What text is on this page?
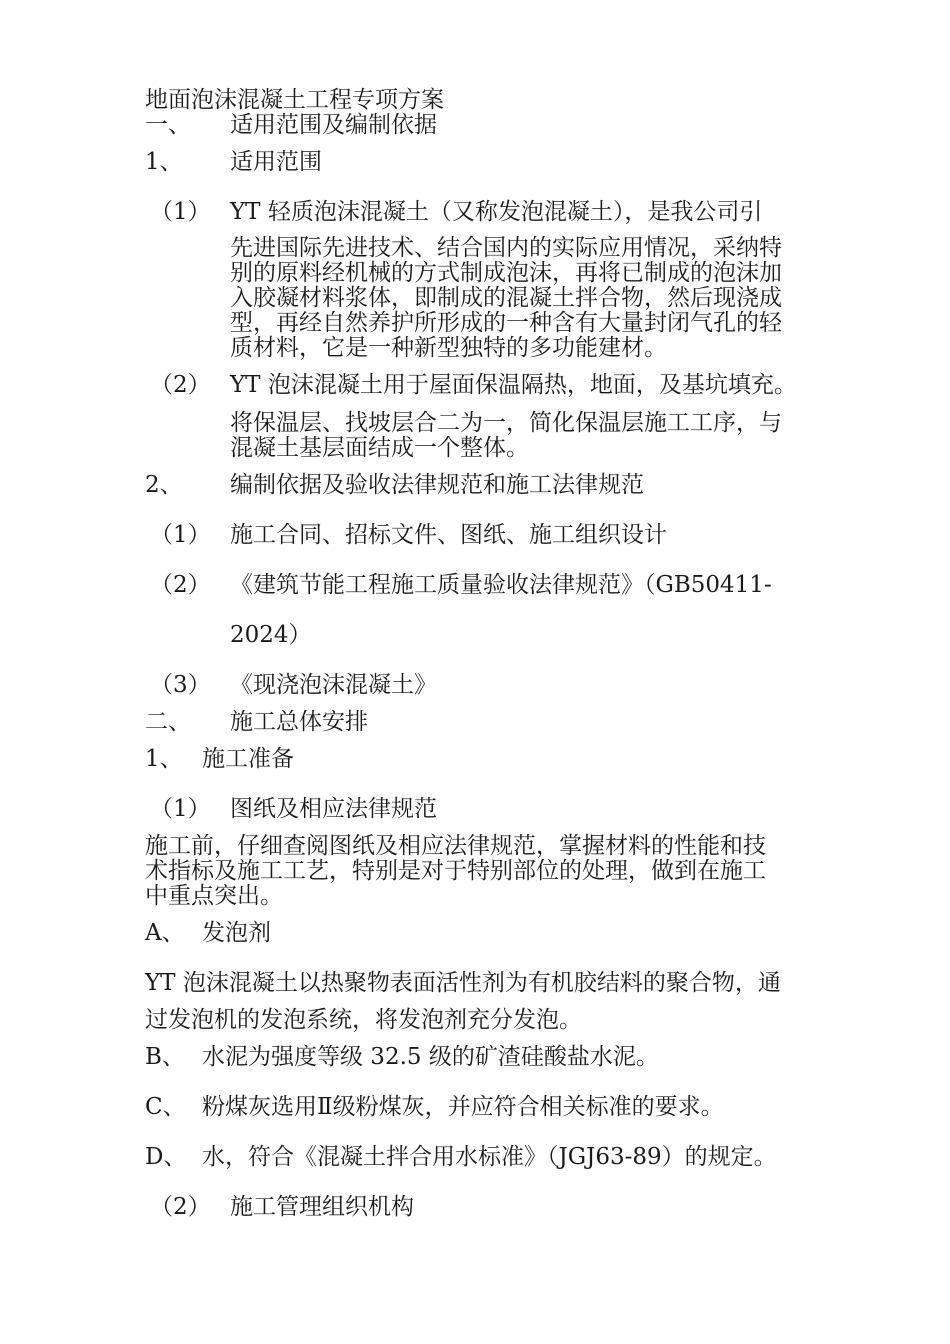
地面泡沫混凝土工程专项方案
一、 适用范围及编制依据
1、 适用范围
（1） YT 轻质泡沫混凝土（又称发泡混凝土），是我公司引
先进国际先进技术、结合国内的实际应用情况，采纳特
别的原料经机械的方式制成泡沫，再将已制成的泡沫加
入胶凝材料浆体，即制成的混凝土拌合物，然后现浇成
型，再经自然养护所形成的一种含有大量封闭气孔的轻
质材料，它是一种新型独特的多功能建材。
（2） YT 泡沫混凝土用于屋面保温隔热，地面，及基坑填充。
将保温层、找坡层合二为一，简化保温层施工工序，与
混凝土基层面结成一个整体。
2、 编制依据及验收法律规范和施工法律规范
（1） 施工合同、招标文件、图纸、施工组织设计
（2） 《建筑节能工程施工质量验收法律规范》（GB50411-
2024）
（3） 《现浇泡沫混凝土》
二、 施工总体安排
1、 施工准备
（1） 图纸及相应法律规范
施工前，仔细查阅图纸及相应法律规范，掌握材料的性能和技
术指标及施工工艺，特别是对于特别部位的处理，做到在施工
中重点突出。
A、 发泡剂
YT 泡沫混凝土以热聚物表面活性剂为有机胶结料的聚合物，通
过发泡机的发泡系统，将发泡剂充分发泡。
B、 水泥为强度等级 32.5 级的矿渣硅酸盐水泥。
C、 粉煤灰选用Ⅱ级粉煤灰，并应符合相关标准的要求。
D、 水，符合《混凝土拌合用水标准》（JGJ63-89）的规定。
（2） 施工管理组织机构
